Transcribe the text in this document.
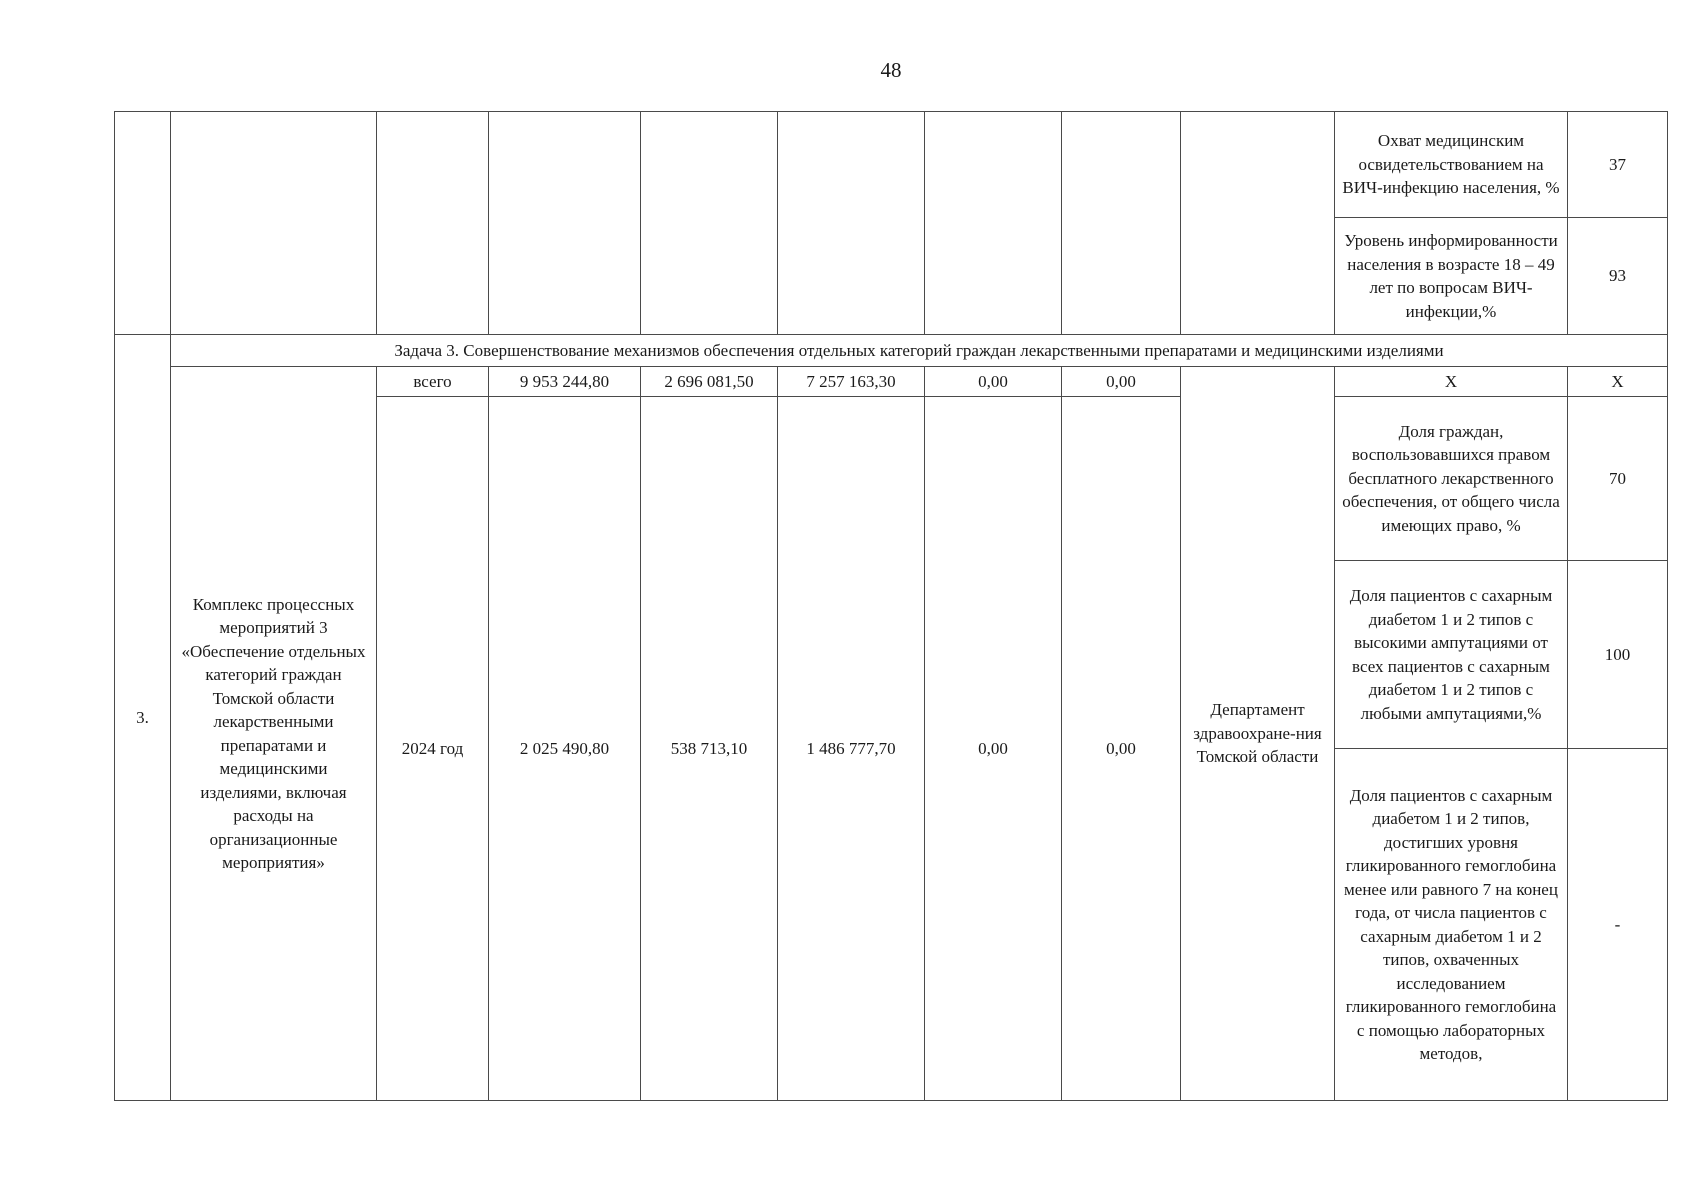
48
									Охват медицинским освидетельствованием на ВИЧ-инфекцию населения, %	37
									Уровень информированности населения в возрасте 18 – 49 лет по вопросам ВИЧ-инфекции,%	93
3.	Задача 3. Совершенствование механизмов обеспечения отдельных категорий граждан лекарственными препаратами и медицинскими изделиями									
	Комплекс процессных мероприятий 3 «Обеспечение отдельных категорий граждан Томской области лекарственными препаратами и медицинскими изделиями, включая расходы на организационные мероприятия»	всего	9 953 244,80	2 696 081,50	7 257 163,30	0,00	0,00	Департамент здравоохране-ния Томской области	Х	Х
		2024 год	2 025 490,80	538 713,10	1 486 777,70	0,00	0,00		Доля граждан, воспользовавшихся правом бесплатного лекарственного обеспечения, от общего числа имеющих право, %	70
									Доля пациентов с сахарным диабетом 1 и 2 типов с высокими ампутациями от всех пациентов с сахарным диабетом 1 и 2 типов с любыми ампутациями,%	100
									Доля пациентов с сахарным диабетом 1 и 2 типов, достигших уровня гликированного гемоглобина менее или равного 7 на конец года, от числа пациентов с сахарным диабетом 1 и 2 типов, охваченных исследованием гликированного гемоглобина с помощью лабораторных методов,	-
